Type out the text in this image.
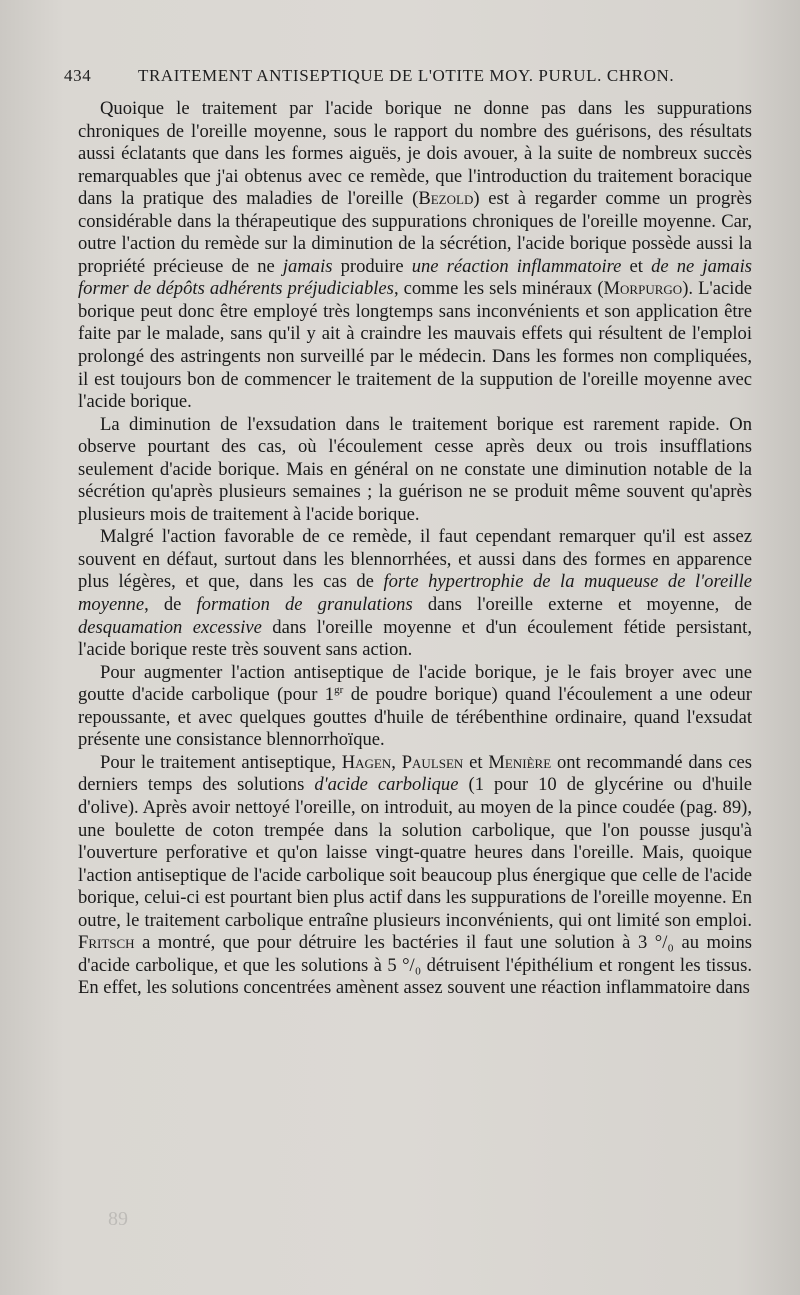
434	TRAITEMENT ANTISEPTIQUE DE L'OTITE MOY. PURUL. CHRON.

Quoique le traitement par l'acide borique ne donne pas dans les suppurations chroniques de l'oreille moyenne, sous le rapport du nombre des guérisons, des résultats aussi éclatants que dans les formes aiguës, je dois avouer, à la suite de nombreux succès remarquables que j'ai obtenus avec ce remède, que l'introduction du traitement boracique dans la pratique des maladies de l'oreille (Bezold) est à regarder comme un progrès considérable dans la thérapeutique des suppurations chroniques de l'oreille moyenne. Car, outre l'action du remède sur la diminution de la sécrétion, l'acide borique possède aussi la propriété précieuse de ne jamais produire une réaction inflammatoire et de ne jamais former de dépôts adhérents préjudiciables, comme les sels minéraux (Morpurgo). L'acide borique peut donc être employé très longtemps sans inconvénients et son application être faite par le malade, sans qu'il y ait à craindre les mauvais effets qui résultent de l'emploi prolongé des astringents non surveillé par le médecin. Dans les formes non compliquées, il est toujours bon de commencer le traitement de la suppution de l'oreille moyenne avec l'acide borique.

La diminution de l'exsudation dans le traitement borique est rarement rapide. On observe pourtant des cas, où l'écoulement cesse après deux ou trois insufflations seulement d'acide borique. Mais en général on ne constate une diminution notable de la sécrétion qu'après plusieurs semaines ; la guérison ne se produit même souvent qu'après plusieurs mois de traitement à l'acide borique.

Malgré l'action favorable de ce remède, il faut cependant remarquer qu'il est assez souvent en défaut, surtout dans les blennorrhées, et aussi dans des formes en apparence plus légères, et que, dans les cas de forte hypertrophie de la muqueuse de l'oreille moyenne, de formation de granulations dans l'oreille externe et moyenne, de desquamation excessive dans l'oreille moyenne et d'un écoulement fétide persistant, l'acide borique reste très souvent sans action.

Pour augmenter l'action antiseptique de l'acide borique, je le fais broyer avec une goutte d'acide carbolique (pour $1^{gr}$ de poudre borique) quand l'écoulement a une odeur repoussante, et avec quelques gouttes d'huile de térébenthine ordinaire, quand l'exsudat présente une consistance blennorrhoïque.

Pour le traitement antiseptique, Hagen, Paulsen et Menière ont recommandé dans ces derniers temps des solutions d'acide carbolique (1 pour 10 de glycérine ou d'huile d'olive). Après avoir nettoyé l'oreille, on introduit, au moyen de la pince coudée (pag. 89), une boulette de coton trempée dans la solution carbolique, que l'on pousse jusqu'à l'ouverture perforative et qu'on laisse vingt-quatre heures dans l'oreille. Mais, quoique l'action antiseptique de l'acide carbolique soit beaucoup plus énergique que celle de l'acide borique, celui-ci est pourtant bien plus actif dans les suppurations de l'oreille moyenne. En outre, le traitement carbolique entraîne plusieurs inconvénients, qui ont limité son emploi. Fritsch a montré, que pour détruire les bactéries il faut une solution à 3 °/₀ au moins d'acide carbolique, et que les solutions à 5 °/₀ détruisent l'épithélium et rongent les tissus. En effet, les solutions concentrées amènent assez souvent une réaction inflammatoire dans

89
